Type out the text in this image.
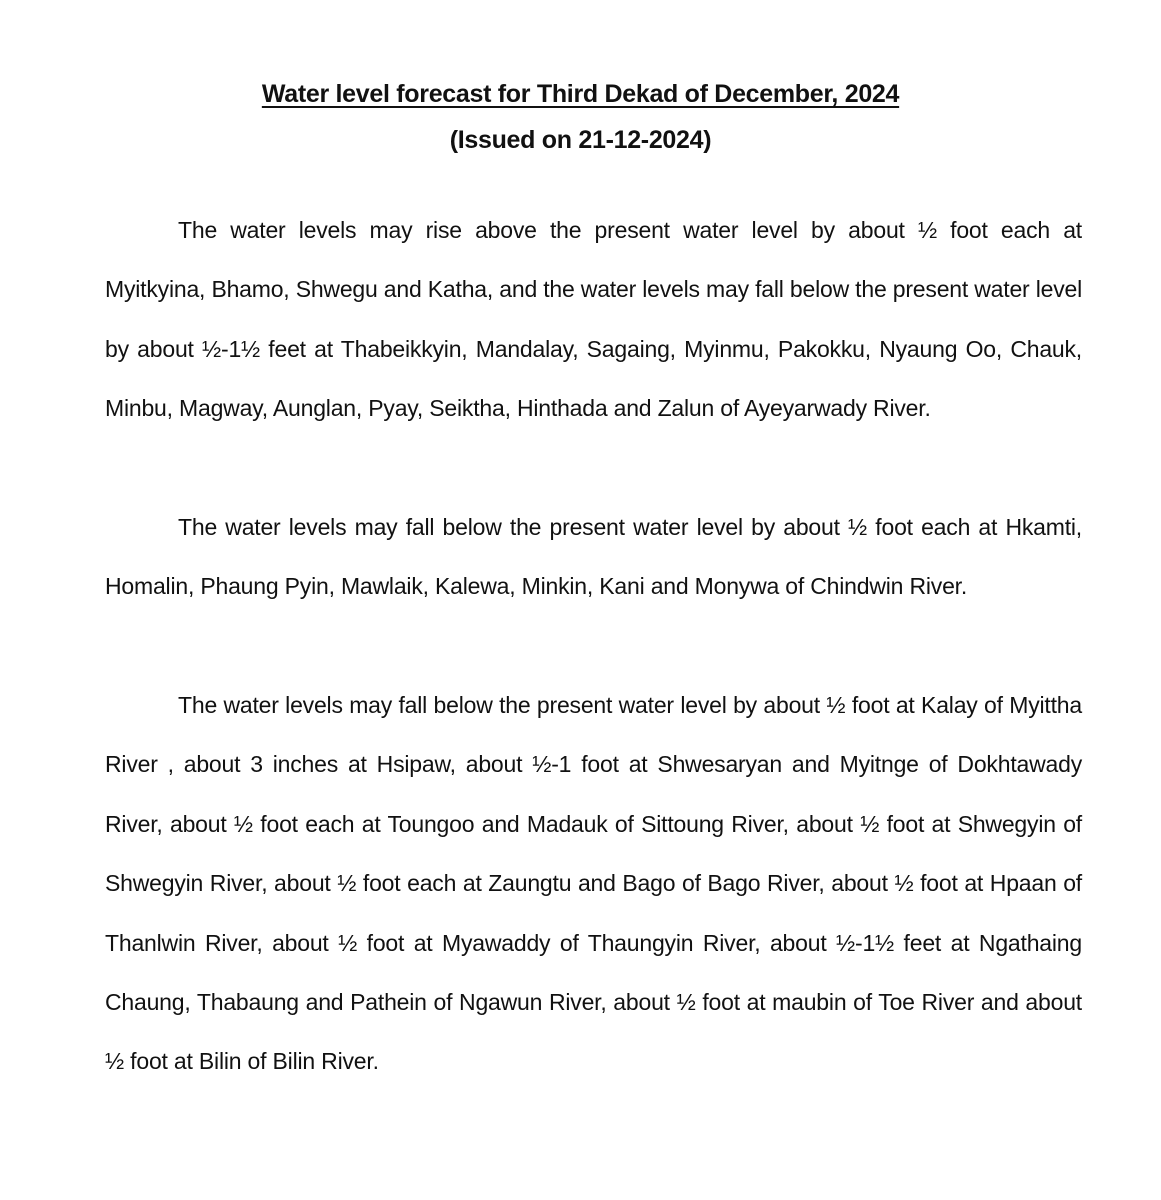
Water level forecast for Third Dekad of December, 2024
(Issued on 21-12-2024)

The water levels may rise above the present water level by about ½ foot each at Myitkyina, Bhamo, Shwegu and Katha, and the water levels may fall below the present water level by about ½-1½ feet at Thabeikkyin, Mandalay, Sagaing, Myinmu, Pakokku, Nyaung Oo, Chauk, Minbu, Magway, Aunglan, Pyay, Seiktha, Hinthada and Zalun of Ayeyarwady River.

The water levels may fall below the present water level by about ½ foot each at Hkamti, Homalin, Phaung Pyin, Mawlaik, Kalewa, Minkin, Kani and Monywa of Chindwin River.

The water levels may fall below the present water level by about ½ foot at Kalay of Myittha River , about 3 inches at Hsipaw, about ½-1 foot at Shwesaryan and Myitnge of Dokhtawady River, about ½ foot each at Toungoo and Madauk of Sittoung River, about ½ foot at Shwegyin of Shwegyin River, about ½ foot each at Zaungtu and Bago of Bago River, about ½ foot at Hpaan of Thanlwin River, about ½ foot at Myawaddy of Thaungyin River, about ½-1½ feet at Ngathaing Chaung, Thabaung and Pathein of Ngawun River, about ½ foot at maubin of Toe River and about ½ foot at Bilin of Bilin River.
